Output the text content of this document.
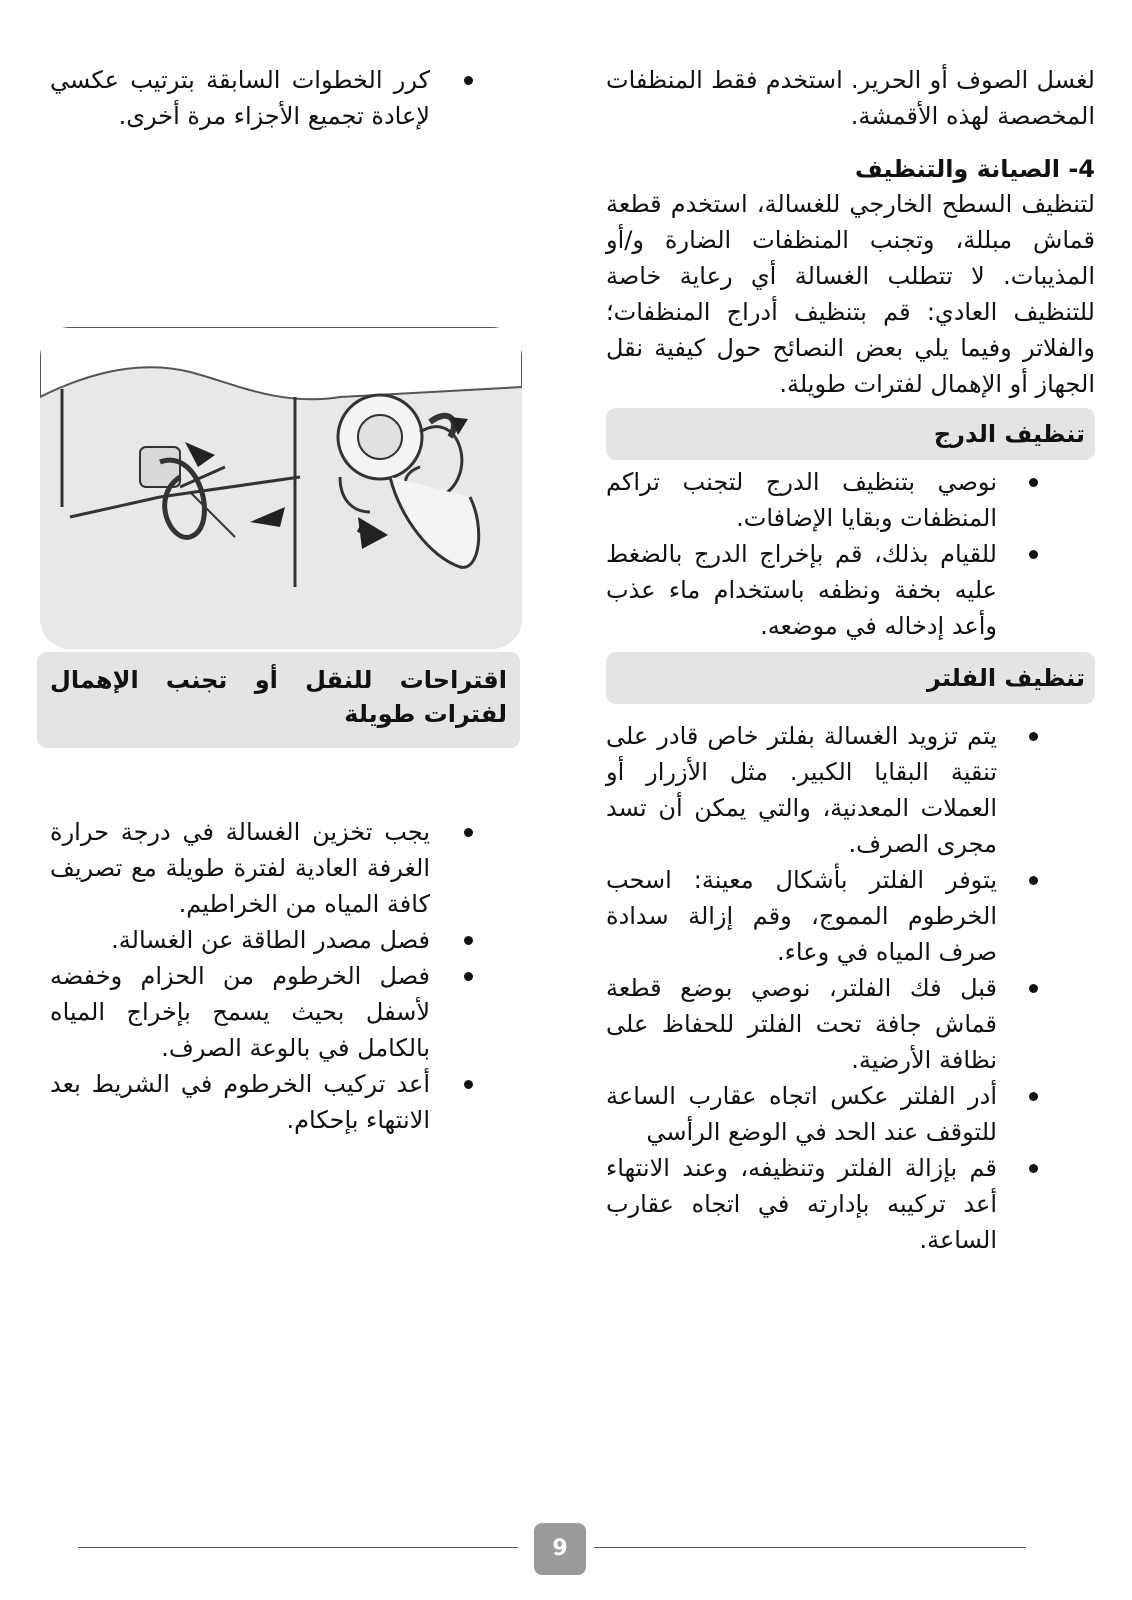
لغسل الصوف أو الحرير. استخدم فقط المنظفات المخصصة لهذه الأقمشة.

4- الصيانة والتنظيف

لتنظيف السطح الخارجي للغسالة، استخدم قطعة قماش مبللة، وتجنب المنظفات الضارة و/أو المذيبات. لا تتطلب الغسالة أي رعاية خاصة للتنظيف العادي: قم بتنظيف أدراج المنظفات؛ والفلاتر وفيما يلي بعض النصائح حول كيفية نقل الجهاز أو الإهمال لفترات طويلة.

تنظيف الدرج
نوصي بتنظيف الدرج لتجنب تراكم المنظفات وبقايا الإضافات.
للقيام بذلك، قم بإخراج الدرج بالضغط عليه بخفة ونظفه باستخدام ماء عذب وأعد إدخاله في موضعه.
تنظيف الفلتر
يتم تزويد الغسالة بفلتر خاص قادر على تنقية البقايا الكبير. مثل الأزرار أو العملات المعدنية، والتي يمكن أن تسد مجرى الصرف.
يتوفر الفلتر بأشكال معينة: اسحب الخرطوم المموج، وقم إزالة سدادة صرف المياه في وعاء.
قبل فك الفلتر، نوصي بوضع قطعة قماش جافة تحت الفلتر للحفاظ على نظافة الأرضية.
أدر الفلتر عكس اتجاه عقارب الساعة للتوقف عند الحد في الوضع الرأسي
قم بإزالة الفلتر وتنظيفه، وعند الانتهاء أعد تركيبه بإدارته في اتجاه عقارب الساعة.
كرر الخطوات السابقة بترتيب عكسي لإعادة تجميع الأجزاء مرة أخرى.
اقتراحات للنقل أو تجنب الإهمال لفترات طويلة
يجب تخزين الغسالة في درجة حرارة الغرفة العادية لفترة طويلة مع تصريف كافة المياه من الخراطيم.
فصل مصدر الطاقة عن الغسالة.
فصل الخرطوم من الحزام وخفضه لأسفل بحيث يسمح بإخراج المياه بالكامل في بالوعة الصرف.
أعد تركيب الخرطوم في الشريط بعد الانتهاء بإحكام.
9
